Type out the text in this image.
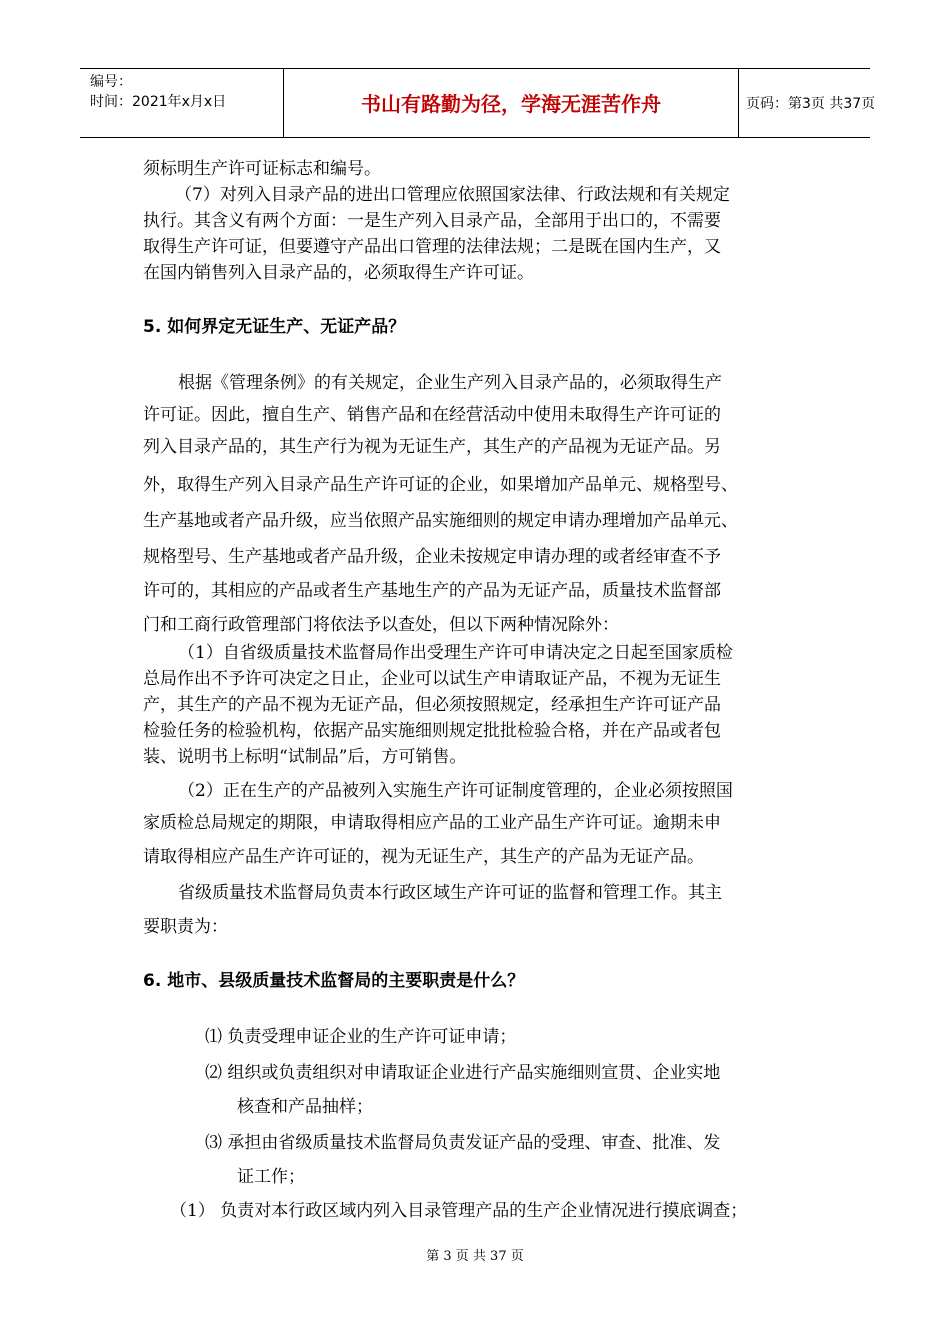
编号：
时间：2021年x月x日	书山有路勤为径，学海无涯苦作舟	页码：第3页 共37页
须标明生产许可证标志和编号。
（7）对列入目录产品的进出口管理应依照国家法律、行政法规和有关规定
执行。其含义有两个方面：一是生产列入目录产品，全部用于出口的，不需要
取得生产许可证，但要遵守产品出口管理的法律法规；二是既在国内生产，又
在国内销售列入目录产品的，必须取得生产许可证。
5. 如何界定无证生产、无证产品？
根据《管理条例》的有关规定，企业生产列入目录产品的，必须取得生产
许可证。因此，擅自生产、销售产品和在经营活动中使用未取得生产许可证的
列入目录产品的，其生产行为视为无证生产，其生产的产品视为无证产品。另
外，取得生产列入目录产品生产许可证的企业，如果增加产品单元、规格型号、
生产基地或者产品升级，应当依照产品实施细则的规定申请办理增加产品单元、
规格型号、生产基地或者产品升级，企业未按规定申请办理的或者经审查不予
许可的，其相应的产品或者生产基地生产的产品为无证产品，质量技术监督部
门和工商行政管理部门将依法予以查处，但以下两种情况除外：
（1）自省级质量技术监督局作出受理生产许可申请决定之日起至国家质检
总局作出不予许可决定之日止，企业可以试生产申请取证产品，不视为无证生
产，其生产的产品不视为无证产品，但必须按照规定，经承担生产许可证产品
检验任务的检验机构，依据产品实施细则规定批批检验合格，并在产品或者包
装、说明书上标明“试制品”后，方可销售。
（2）正在生产的产品被列入实施生产许可证制度管理的，企业必须按照国
家质检总局规定的期限，申请取得相应产品的工业产品生产许可证。逾期未申
请取得相应产品生产许可证的，视为无证生产，其生产的产品为无证产品。
省级质量技术监督局负责本行政区域生产许可证的监督和管理工作。其主
要职责为：
6. 地市、县级质量技术监督局的主要职责是什么？
⑴ 负责受理申证企业的生产许可证申请；
⑵ 组织或负责组织对申请取证企业进行产品实施细则宣贯、企业实地
核查和产品抽样；
⑶ 承担由省级质量技术监督局负责发证产品的受理、审查、批准、发
证工作；
（1） 负责对本行政区域内列入目录管理产品的生产企业情况进行摸底调查；
第 3 页 共 37 页
